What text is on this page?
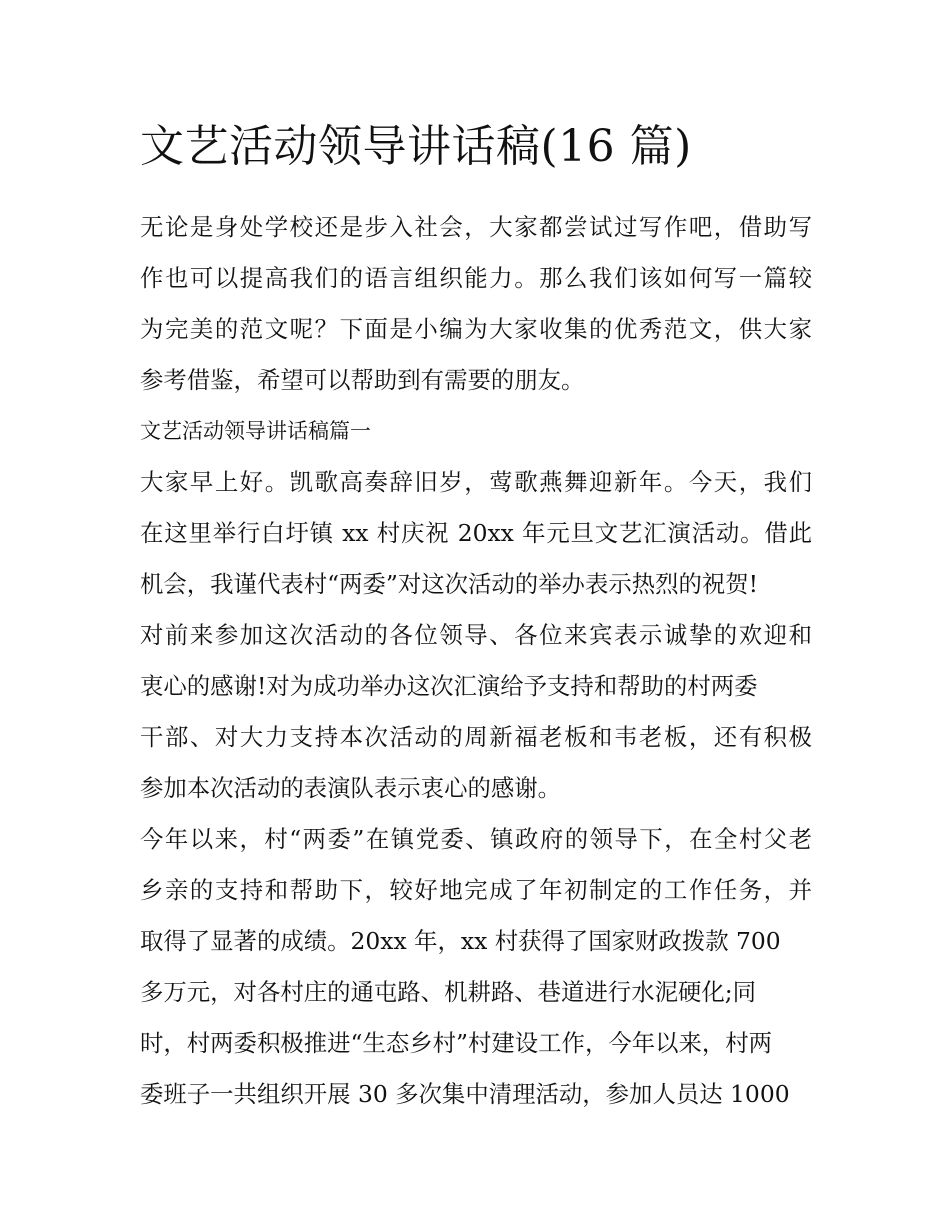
文艺活动领导讲话稿(16 篇)
无论是身处学校还是步入社会，大家都尝试过写作吧，借助写
作也可以提高我们的语言组织能力。那么我们该如何写一篇较
为完美的范文呢？下面是小编为大家收集的优秀范文，供大家
参考借鉴，希望可以帮助到有需要的朋友。
文艺活动领导讲话稿篇一
大家早上好。凯歌高奏辞旧岁，莺歌燕舞迎新年。今天，我们
在这里举行白圩镇 xx 村庆祝 20xx 年元旦文艺汇演活动。借此
机会，我谨代表村“两委”对这次活动的举办表示热烈的祝贺!
对前来参加这次活动的各位领导、各位来宾表示诚挚的欢迎和
衷心的感谢!对为成功举办这次汇演给予支持和帮助的村两委
干部、对大力支持本次活动的周新福老板和韦老板，还有积极
参加本次活动的表演队表示衷心的感谢。
今年以来，村“两委”在镇党委、镇政府的领导下，在全村父老
乡亲的支持和帮助下，较好地完成了年初制定的工作任务，并
取得了显著的成绩。20xx 年，xx 村获得了国家财政拨款 700
多万元，对各村庄的通屯路、机耕路、巷道进行水泥硬化;同
时，村两委积极推进“生态乡村”村建设工作，今年以来，村两
委班子一共组织开展 30 多次集中清理活动，参加人员达 1000
